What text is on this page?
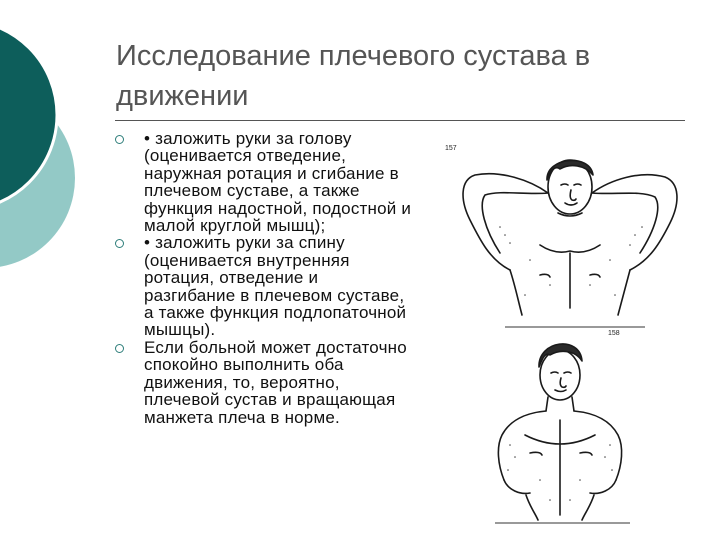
Исследование плечевого сустава в движении
• заложить руки за голову (оценивается отведение, наружная ротация и сгибание в плечевом суставе, а также функция надостной, подостной и малой круглой мышц);
• заложить руки за спину (оценивается внутренняя ротация, отведение и разгибание в плечевом суставе, а также функция подлопаточной мышцы).
Если больной может достаточно спокойно выполнить оба движения, то, вероятно, плечевой сустав и вращающая манжета плеча в норме.
157
158
